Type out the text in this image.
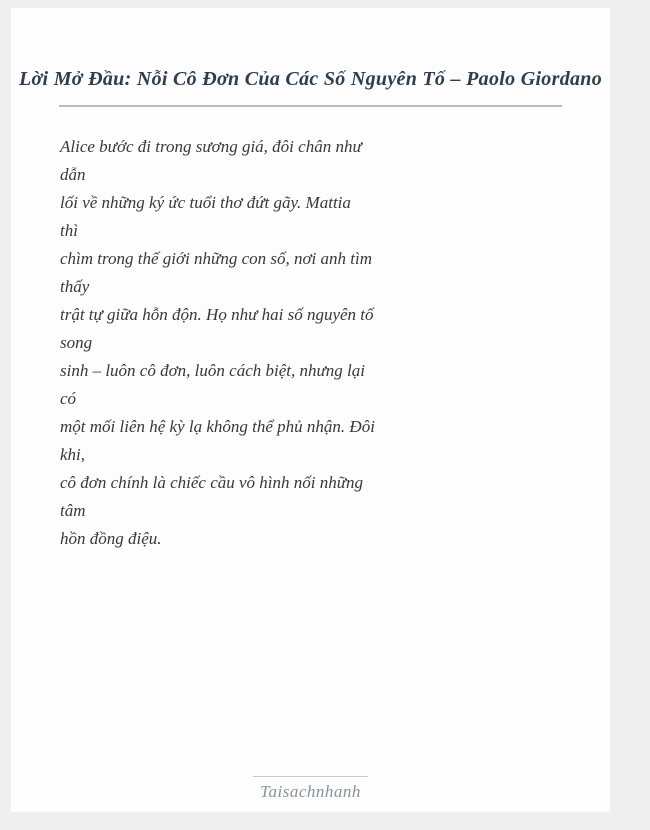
Lời Mở Đầu: Nỗi Cô Đơn Của Các Số Nguyên Tố – Paolo Giordano

Alice bước đi trong sương giá, đôi chân như

dẫn

lối về những ký ức tuổi thơ đứt gãy. Mattia

thì

chìm trong thế giới những con số, nơi anh tìm

thấy

trật tự giữa hỗn độn. Họ như hai số nguyên tố

song

sinh – luôn cô đơn, luôn cách biệt, nhưng lại

có

một mối liên hệ kỳ lạ không thể phủ nhận. Đôi

khi,

cô đơn chính là chiếc cầu vô hình nối những

tâm

hồn đồng điệu.

Taisachnhanh
